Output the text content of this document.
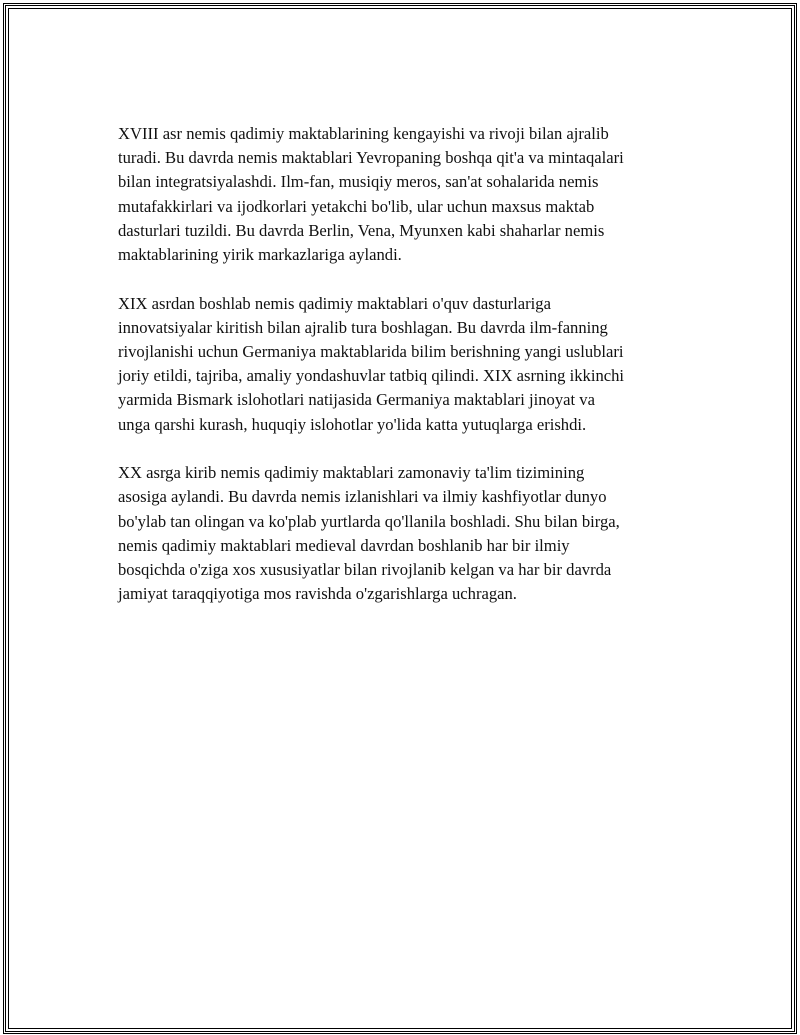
XVIII asr nemis qadimiy maktablarining kengayishi va rivoji bilan ajralib
turadi. Bu davrda nemis maktablari Yevropaning boshqa qit'a va mintaqalari
bilan integratsiyalashdi. Ilm-fan, musiqiy meros, san'at sohalarida nemis
mutafakkirlari va ijodkorlari yetakchi bo'lib, ular uchun maxsus maktab
dasturlari tuzildi. Bu davrda Berlin, Vena, Myunxen kabi shaharlar nemis
maktablarining yirik markazlariga aylandi.

XIX asrdan boshlab nemis qadimiy maktablari o'quv dasturlariga
innovatsiyalar kiritish bilan ajralib tura boshlagan. Bu davrda ilm-fanning
rivojlanishi uchun Germaniya maktablarida bilim berishning yangi uslublari
joriy etildi, tajriba, amaliy yondashuvlar tatbiq qilindi. XIX asrning ikkinchi
yarmida Bismark islohotlari natijasida Germaniya maktablari jinoyat va
unga qarshi kurash, huquqiy islohotlar yo'lida katta yutuqlarga erishdi.

XX asrga kirib nemis qadimiy maktablari zamonaviy ta'lim tizimining
asosiga aylandi. Bu davrda nemis izlanishlari va ilmiy kashfiyotlar dunyo
bo'ylab tan olingan va ko'plab yurtlarda qo'llanila boshladi. Shu bilan birga,
nemis qadimiy maktablari medieval davrdan boshlanib har bir ilmiy
bosqichda o'ziga xos xususiyatlar bilan rivojlanib kelgan va har bir davrda
jamiyat taraqqiyotiga mos ravishda o'zgarishlarga uchragan.
